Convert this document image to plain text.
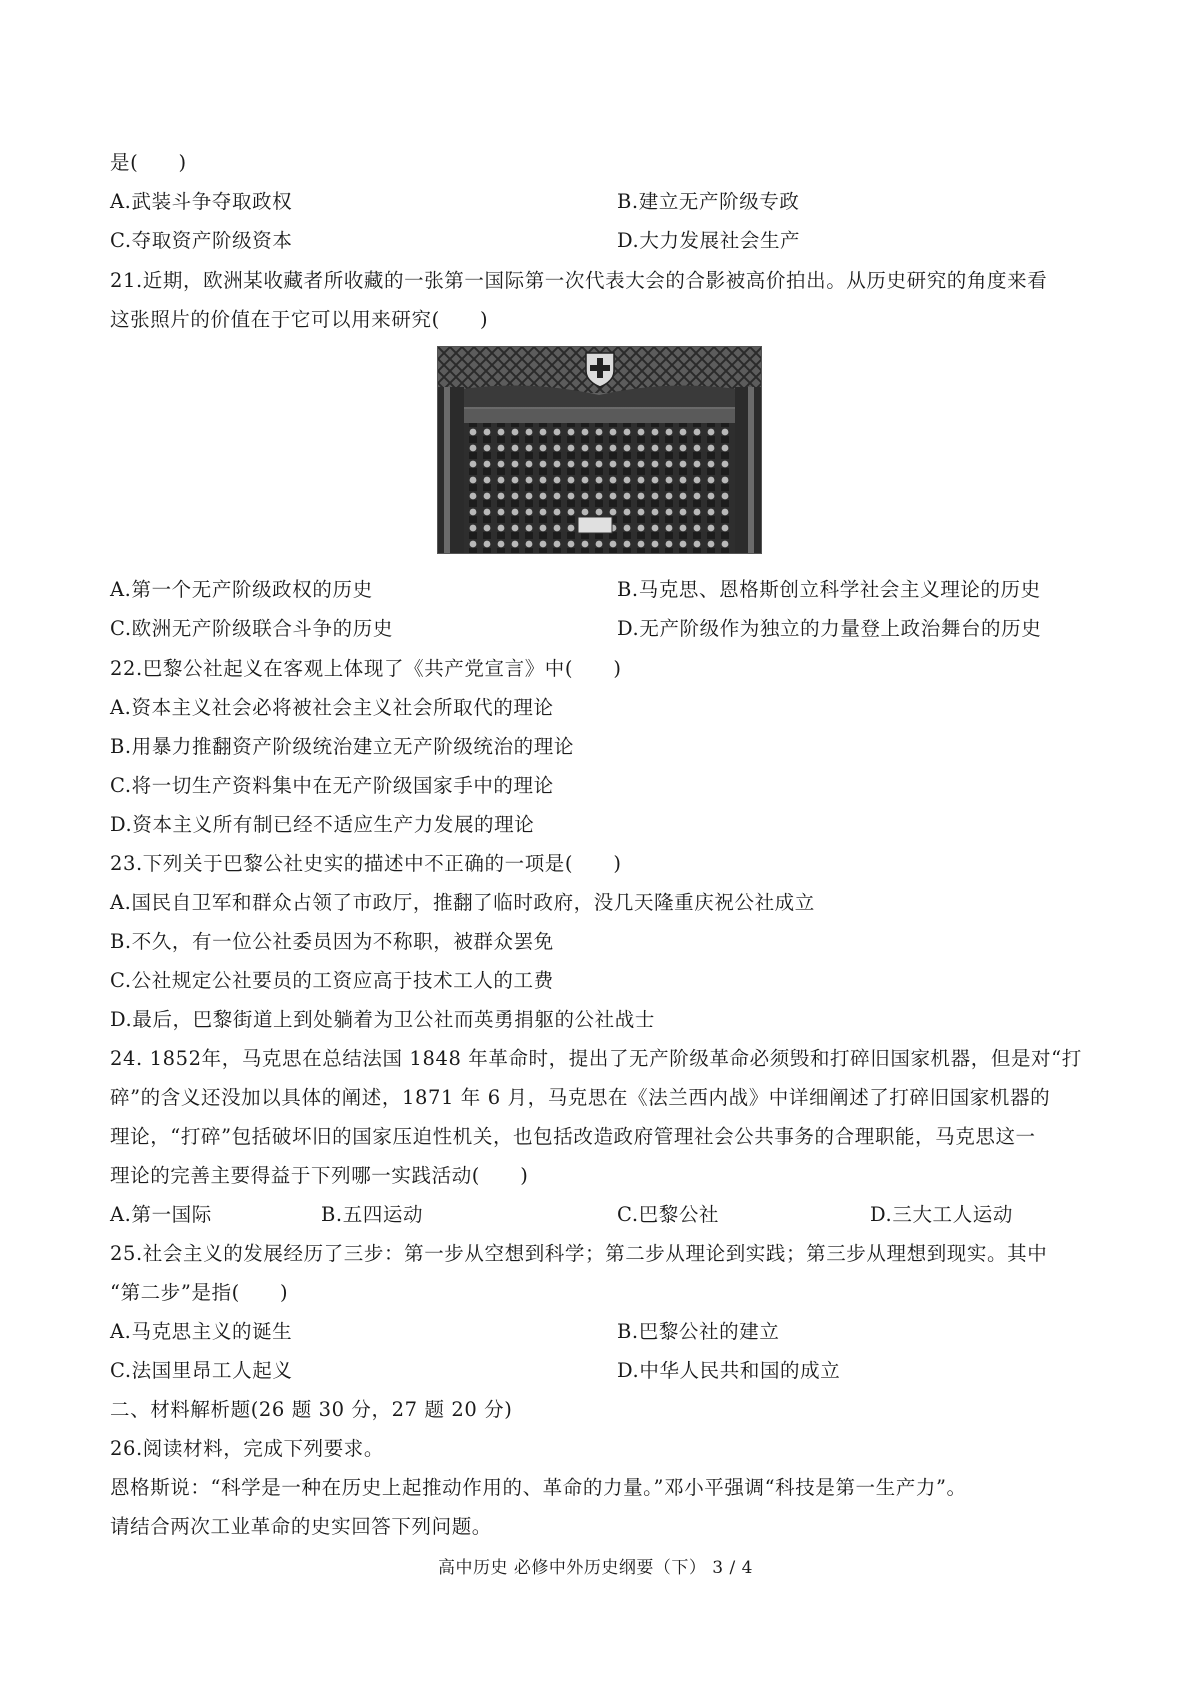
是(　　)
A.武装斗争夺取政权	B.建立无产阶级专政
C.夺取资产阶级资本	D.大力发展社会生产
21.近期，欧洲某收藏者所收藏的一张第一国际第一次代表大会的合影被高价拍出。从历史研究的角度来看
这张照片的价值在于它可以用来研究(　　)
A.第一个无产阶级政权的历史	B.马克思、恩格斯创立科学社会主义理论的历史
C.欧洲无产阶级联合斗争的历史	D.无产阶级作为独立的力量登上政治舞台的历史
22.巴黎公社起义在客观上体现了《共产党宣言》中(　　)
A.资本主义社会必将被社会主义社会所取代的理论
B.用暴力推翻资产阶级统治建立无产阶级统治的理论
C.将一切生产资料集中在无产阶级国家手中的理论
D.资本主义所有制已经不适应生产力发展的理论
23.下列关于巴黎公社史实的描述中不正确的一项是(　　)
A.国民自卫军和群众占领了市政厅，推翻了临时政府，没几天隆重庆祝公社成立
B.不久，有一位公社委员因为不称职，被群众罢免
C.公社规定公社要员的工资应高于技术工人的工费
D.最后，巴黎街道上到处躺着为卫公社而英勇捐躯的公社战士
24. 1852年，马克思在总结法国 1848 年革命时，提出了无产阶级革命必须毁和打碎旧国家机器，但是对“打
碎”的含义还没加以具体的阐述，1871 年 6 月，马克思在《法兰西内战》中详细阐述了打碎旧国家机器的
理论，“打碎”包括破坏旧的国家压迫性机关，也包括改造政府管理社会公共事务的合理职能，马克思这一
理论的完善主要得益于下列哪一实践活动(　　)
A.第一国际	B.五四运动	C.巴黎公社	D.三大工人运动
25.社会主义的发展经历了三步：第一步从空想到科学；第二步从理论到实践；第三步从理想到现实。其中
“第二步”是指(　　)
A.马克思主义的诞生	B.巴黎公社的建立
C.法国里昂工人起义	D.中华人民共和国的成立
二、材料解析题(26 题 30 分，27 题 20 分)
26.阅读材料，完成下列要求。
恩格斯说：“科学是一种在历史上起推动作用的、革命的力量。”邓小平强调“科技是第一生产力”。
请结合两次工业革命的史实回答下列问题。
高中历史 必修中外历史纲要（下） 3 / 4
